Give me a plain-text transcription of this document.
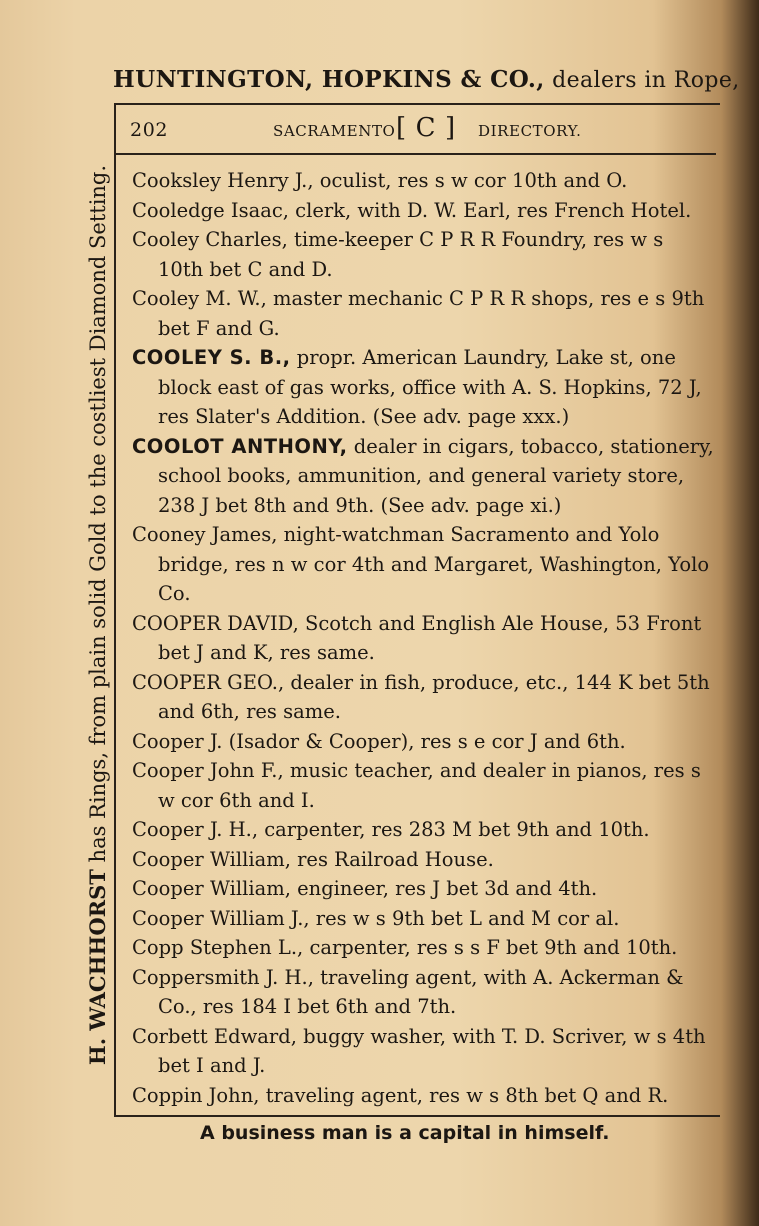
HUNTINGTON, HOPKINS & CO., dealers in Rope,
H. WACHHORST has Rings, from plain solid Gold to the costliest Diamond Setting.
202	SACRAMENTO [ C ] DIRECTORY.

Cooksley Henry J., oculist, res s w cor 10th and O.

Cooledge Isaac, clerk, with D. W. Earl, res French Hotel.

Cooley Charles, time-keeper C P R R Foundry, res w s 10th bet C and D.

Cooley M. W., master mechanic C P R R shops, res e s 9th bet F and G.

COOLEY S. B., propr. American Laundry, Lake st, one block east of gas works, office with A. S. Hopkins, 72 J, res Slater's Addition. (See adv. page xxx.)

COOLOT ANTHONY, dealer in cigars, tobacco, stationery, school books, ammunition, and general variety store, 238 J bet 8th and 9th. (See adv. page xi.)

Cooney James, night-watchman Sacramento and Yolo bridge, res n w cor 4th and Margaret, Washington, Yolo Co.

COOPER DAVID, Scotch and English Ale House, 53 Front bet J and K, res same.

COOPER GEO., dealer in fish, produce, etc., 144 K bet 5th and 6th, res same.

Cooper J. (Isador & Cooper), res s e cor J and 6th.

Cooper John F., music teacher, and dealer in pianos, res s w cor 6th and I.

Cooper J. H., carpenter, res 283 M bet 9th and 10th.

Cooper William, res Railroad House.

Cooper William, engineer, res J bet 3d and 4th.

Cooper William J., res w s 9th bet L and M cor al.

Copp Stephen L., carpenter, res s s F bet 9th and 10th.

Coppersmith J. H., traveling agent, with A. Ackerman & Co., res 184 I bet 6th and 7th.

Corbett Edward, buggy washer, with T. D. Scriver, w s 4th bet I and J.

Coppin John, traveling agent, res w s 8th bet Q and R.

A business man is a capital in himself.
